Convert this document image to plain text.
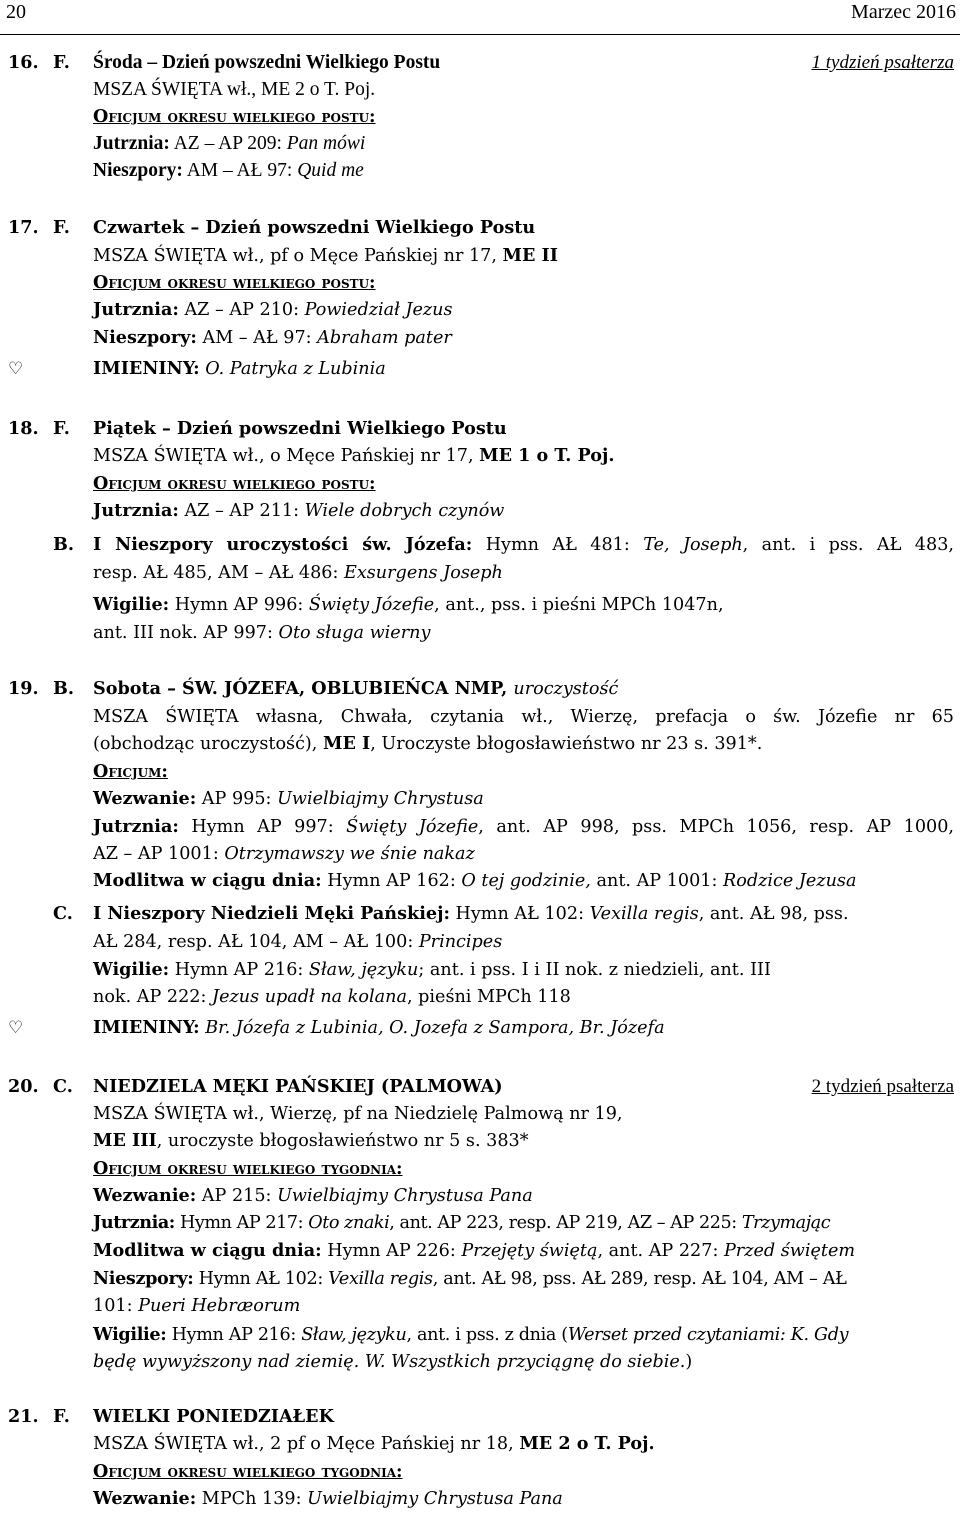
20	Marzec 2016
16. F. Środa – Dzień powszedni Wielkiego Postu	1 tydzień psałterza
MSZA ŚWIĘTA wł., ME 2 o T. Poj.
Oficjum okresu wielkiego postu:
Jutrznia: AZ – AP 209: Pan mówi
Nieszpory: AM – AŁ 97: Quid me
17. F. Czwartek – Dzień powszedni Wielkiego Postu
MSZA ŚWIĘTA wł., pf o Męce Pańskiej nr 17, ME II
Oficjum okresu wielkiego postu:
Jutrznia: AZ – AP 210: Powiedział Jezus
Nieszpory: AM – AŁ 97: Abraham pater
♡	IMIENINY: O. Patryka z Lubinia
18. F. Piątek – Dzień powszedni Wielkiego Postu
MSZA ŚWIĘTA wł., o Męce Pańskiej nr 17, ME 1 o T. Poj.
Oficjum okresu wielkiego postu:
Jutrznia: AZ – AP 211: Wiele dobrych czynów
B. I Nieszpory uroczystości św. Józefa: Hymn AŁ 481: Te, Joseph, ant. i pss. AŁ 483,
resp. AŁ 485, AM – AŁ 486: Exsurgens Joseph
Wigilie: Hymn AP 996: Święty Józefie, ant., pss. i pieśni MPCh 1047n,
ant. III nok. AP 997: Oto sługa wierny
19. B. Sobota – ŚW. JÓZEFA, OBLUBIEŃCA NMP, uroczystość
MSZA ŚWIĘTA własna, Chwała, czytania wł., Wierzę, prefacja o św. Józefie nr 65
(obchodząc uroczystość), ME I, Uroczyste błogosławieństwo nr 23 s. 391*.
Oficjum:
Wezwanie: AP 995: Uwielbiajmy Chrystusa
Jutrznia: Hymn AP 997: Święty Józefie, ant. AP 998, pss. MPCh 1056, resp. AP 1000,
AZ – AP 1001: Otrzymawszy we śnie nakaz
Modlitwa w ciągu dnia: Hymn AP 162: O tej godzinie, ant. AP 1001: Rodzice Jezusa
C. I Nieszpory Niedzieli Męki Pańskiej: Hymn AŁ 102: Vexilla regis, ant. AŁ 98, pss.
AŁ 284, resp. AŁ 104, AM – AŁ 100: Principes
Wigilie: Hymn AP 216: Sław, języku; ant. i pss. I i II nok. z niedzieli, ant. III
nok. AP 222: Jezus upadł na kolana, pieśni MPCh 118
♡	IMIENINY: Br. Józefa z Lubinia, O. Jozefa z Sampora, Br. Józefa
20. C. NIEDZIELA MĘKI PAŃSKIEJ (PALMOWA)	2 tydzień psałterza
MSZA ŚWIĘTA wł., Wierzę, pf na Niedzielę Palmową nr 19,
ME III, uroczyste błogosławieństwo nr 5 s. 383*
Oficjum okresu wielkiego tygodnia:
Wezwanie: AP 215: Uwielbiajmy Chrystusa Pana
Jutrznia: Hymn AP 217: Oto znaki, ant. AP 223, resp. AP 219, AZ – AP 225: Trzymając
Modlitwa w ciągu dnia: Hymn AP 226: Przejęty świętą, ant. AP 227: Przed świętem
Nieszpory: Hymn AŁ 102: Vexilla regis, ant. AŁ 98, pss. AŁ 289, resp. AŁ 104, AM – AŁ
101: Pueri Hebræorum
Wigilie: Hymn AP 216: Sław, języku, ant. i pss. z dnia (Werset przed czytaniami: K. Gdy
będę wywyższony nad ziemię. W. Wszystkich przyciągnę do siebie.)
21. F. WIELKI PONIEDZIAŁEK
MSZA ŚWIĘTA wł., 2 pf o Męce Pańskiej nr 18, ME 2 o T. Poj.
Oficjum okresu wielkiego tygodnia:
Wezwanie: MPCh 139: Uwielbiajmy Chrystusa Pana
